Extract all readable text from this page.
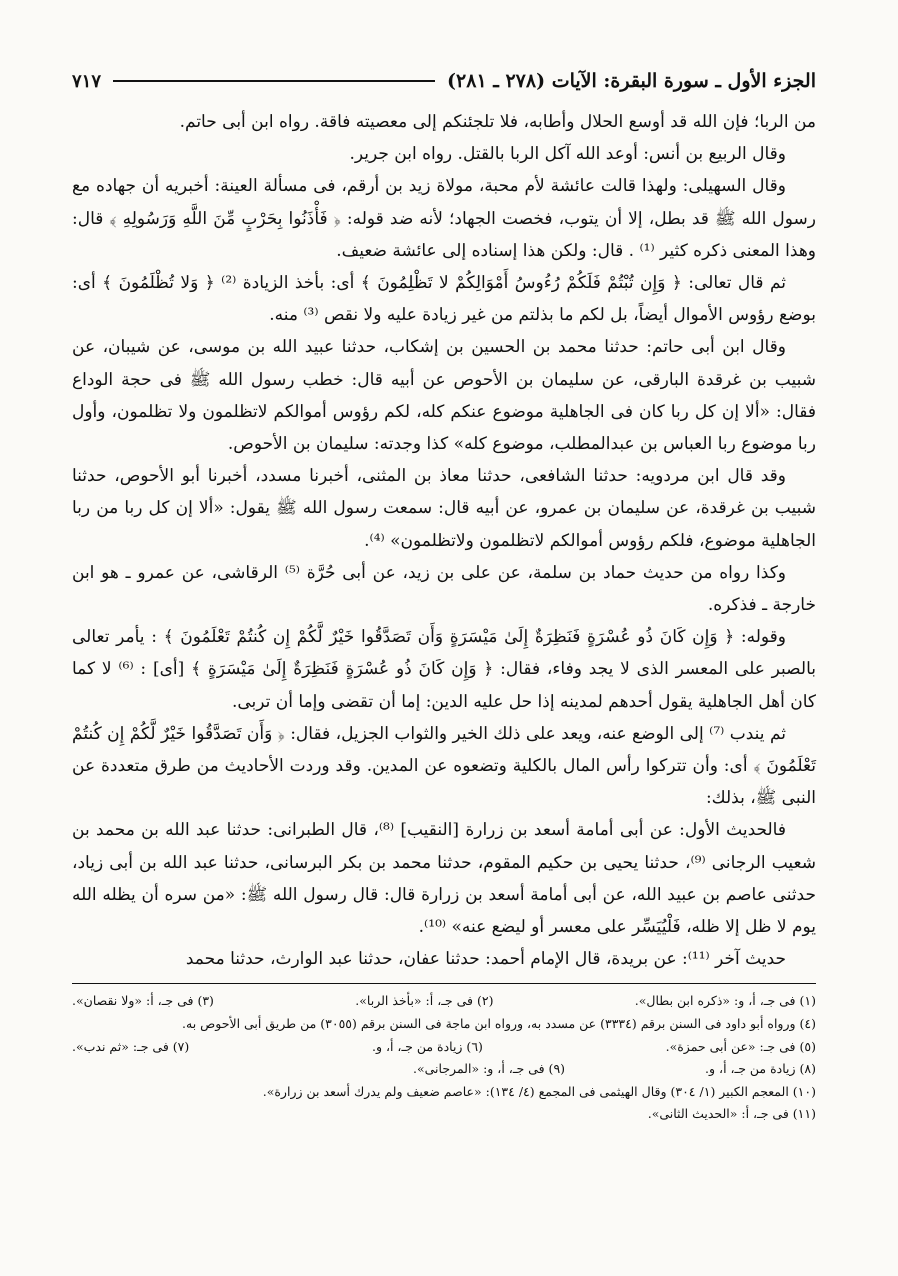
الجزء الأول ـ سورة البقرة: الآيات (٢٧٨ ـ ٢٨١)
٧١٧

من الربا؛ فإن الله قد أوسع الحلال وأطابه، فلا تلجئنكم إلى معصيته فاقة. رواه ابن أبى حاتم.

وقال الربيع بن أنس: أوعد الله آكل الربا بالقتل. رواه ابن جرير.

وقال السهيلى: ولهذا قالت عائشة لأم محبة، مولاة زيد بن أرقم، فى مسألة العينة: أخبريه أن جهاده مع رسول الله ﷺ قد بطل، إلا أن يتوب، فخصت الجهاد؛ لأنه ضد قوله: ﴿ فَأْذَنُوا بِحَرْبٍ مِّنَ اللَّهِ وَرَسُولِهِ ﴾ قال: وهذا المعنى ذكره كثير ⁽¹⁾ . قال: ولكن هذا إسناده إلى عائشة ضعيف.

ثم قال تعالى: ﴿ وَإِن تُبْتُمْ فَلَكُمْ رُءُوسُ أَمْوَالِكُمْ لا تَظْلِمُونَ ﴾ أى: بأخذ الزيادة ⁽²⁾ ﴿ وَلا تُظْلَمُونَ ﴾ أى: بوضع رؤوس الأموال أيضاً، بل لكم ما بذلتم من غير زيادة عليه ولا نقص ⁽³⁾ منه.

وقال ابن أبى حاتم: حدثنا محمد بن الحسين بن إشكاب، حدثنا عبيد الله بن موسى، عن شيبان، عن شبيب بن غرقدة البارقى، عن سليمان بن الأحوص عن أبيه قال: خطب رسول الله ﷺ فى حجة الوداع فقال: «ألا إن كل ربا كان فى الجاهلية موضوع عنكم كله، لكم رؤوس أموالكم لاتظلمون ولا تظلمون، وأول ربا موضوع ربا العباس بن عبدالمطلب، موضوع كله» كذا وجدته: سليمان بن الأحوص.

وقد قال ابن مردويه: حدثنا الشافعى، حدثنا معاذ بن المثنى، أخبرنا مسدد، أخبرنا أبو الأحوص، حدثنا شبيب بن غرقدة، عن سليمان بن عمرو، عن أبيه قال: سمعت رسول الله ﷺ يقول: «ألا إن كل ربا من ربا الجاهلية موضوع، فلكم رؤوس أموالكم لاتظلمون ولاتظلمون» ⁽⁴⁾.

وكذا رواه من حديث حماد بن سلمة، عن على بن زيد، عن أبى حُرَّة ⁽⁵⁾ الرقاشى، عن عمرو ـ هو ابن خارجة ـ فذكره.

وقوله: ﴿ وَإِن كَانَ ذُو عُسْرَةٍ فَنَظِرَةٌ إِلَىٰ مَيْسَرَةٍ وَأَن تَصَدَّقُوا خَيْرٌ لَّكُمْ إِن كُنتُمْ تَعْلَمُونَ ﴾ : يأمر تعالى بالصبر على المعسر الذى لا يجد وفاء، فقال: ﴿ وَإِن كَانَ ذُو عُسْرَةٍ فَنَظِرَةٌ إِلَىٰ مَيْسَرَةٍ ﴾ [أى] : ⁽⁶⁾ لا كما كان أهل الجاهلية يقول أحدهم لمدينه إذا حل عليه الدين: إما أن تقضى وإما أن تربى.

ثم يندب ⁽⁷⁾ إلى الوضع عنه، ويعد على ذلك الخير والثواب الجزيل، فقال: ﴿ وَأَن تَصَدَّقُوا خَيْرٌ لَّكُمْ إِن كُنتُمْ تَعْلَمُونَ ﴾ أى: وأن تتركوا رأس المال بالكلية وتضعوه عن المدين. وقد وردت الأحاديث من طرق متعددة عن النبى ﷺ، بذلك:

فالحديث الأول: عن أبى أمامة أسعد بن زرارة [النقيب] ⁽⁸⁾، قال الطبرانى: حدثنا عبد الله بن محمد بن شعيب الرجانى ⁽⁹⁾، حدثنا يحيى بن حكيم المقوم، حدثنا محمد بن بكر البرسانى، حدثنا عبد الله بن أبى زياد، حدثنى عاصم بن عبيد الله، عن أبى أمامة أسعد بن زرارة قال: قال رسول الله ﷺ: «من سره أن يظله الله يوم لا ظل إلا ظله، فَلْيُيَسِّر على معسر أو ليضع عنه» ⁽¹⁰⁾.

حديث آخر ⁽¹¹⁾: عن بريدة، قال الإمام أحمد: حدثنا عفان، حدثنا عبد الوارث، حدثنا محمد

(١) فى جـ، أ، و: «ذكره ابن بطال».
(٢) فى جـ، أ: «بأخذ الربا».
(٣) فى جـ، أ: «ولا نقصان».

(٤) ورواه أبو داود فى السنن برقم (٣٣٣٤) عن مسدد به، ورواه ابن ماجة فى السنن برقم (٣٠٥٥) من طريق أبى الأحوص به.

(٥) فى جـ: «عن أبى حمزة».
(٦) زيادة من جـ، أ، و.
(٧) فى جـ: «ثم ندب».
(٨) زيادة من جـ، أ، و.
(٩) فى جـ، أ، و: «المرجانى».

(١٠) المعجم الكبير (١/ ٣٠٤) وقال الهيثمى فى المجمع (٤/ ١٣٤): «عاصم ضعيف ولم يدرك أسعد بن زرارة».

(١١) فى جـ، أ: «الحديث الثانى».
